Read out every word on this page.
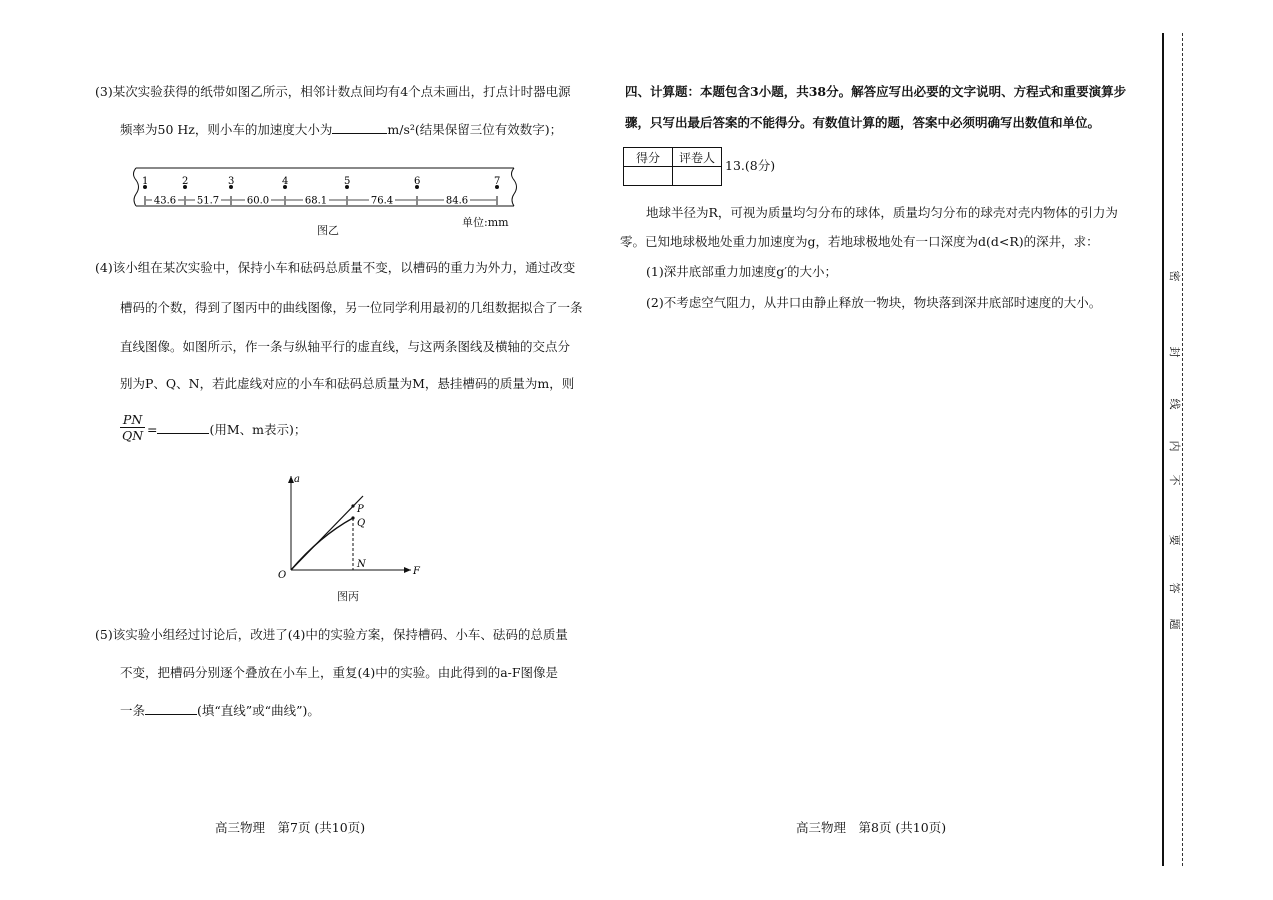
(3)某次实验获得的纸带如图乙所示，相邻计数点间均有4个点未画出，打点计时器电源
频率为50 Hz，则小车的加速度大小为	m/s²(结果保留三位有效数字)；
1	2	3	4	5	6	7
43.6 51.7	60.0	68.1	76.4	84.6
图乙
单位:mm
(4)该小组在某次实验中，保持小车和砝码总质量不变，以槽码的重力为外力，通过改变
槽码的个数，得到了图丙中的曲线图像，另一位同学利用最初的几组数据拟合了一条
直线图像。如图所示，作一条与纵轴平行的虚直线，与这两条图线及横轴的交点分
别为P、Q、N，若此虚线对应的小车和砝码总质量为M，悬挂槽码的质量为m，则
$\frac{PN}{QN}$ =	(用M、m表示)；
a
F
O
P
Q
N
图丙
(5)该实验小组经过讨论后，改进了(4)中的实验方案，保持槽码、小车、砝码的总质量
不变，把槽码分别逐个叠放在小车上，重复(4)中的实验。由此得到的a-F图像是
一条	(填“直线”或“曲线”)。
高三物理　第7页 (共10页)
四、计算题：本题包含3小题，共38分。解答应写出必要的文字说明、方程式和重要演算步
骤，只写出最后答案的不能得分。有数值计算的题，答案中必须明确写出数值和单位。
得分	评卷人

13.(8分)
地球半径为R，可视为质量均匀分布的球体，质量均匀分布的球壳对壳内物体的引力为
零。已知地球极地处重力加速度为g，若地球极地处有一口深度为d(d<R)的深井，求：
(1)深井底部重力加速度g′的大小；
(2)不考虑空气阻力，从井口由静止释放一物块，物块落到深井底部时速度的大小。
高三物理　第8页 (共10页)
密
封
线
内
不
要
答
题
